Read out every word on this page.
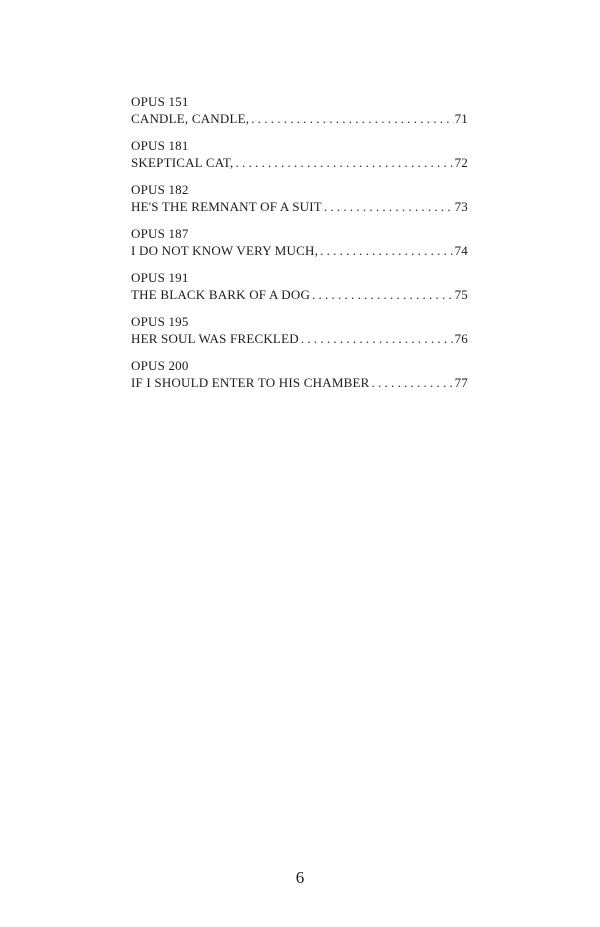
OPUS 151
CANDLE, CANDLE, . . .	71
OPUS 181
SKEPTICAL CAT, . . .	72
OPUS 182
HE'S THE REMNANT OF A SUIT . . .	73
OPUS 187
I DO NOT KNOW VERY MUCH, . . .	74
OPUS 191
THE BLACK BARK OF A DOG . . .	75
OPUS 195
HER SOUL WAS FRECKLED . . .	76
OPUS 200
IF I SHOULD ENTER TO HIS CHAMBER . . .	77
6
